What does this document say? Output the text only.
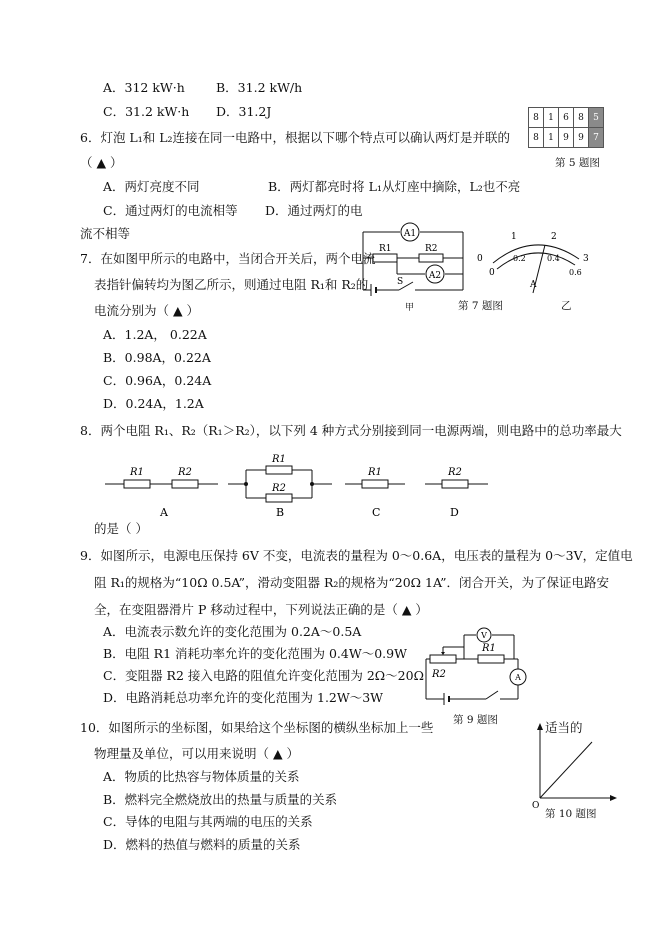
A．312 kW·h B．31.2 kW/h
C．31.2 kW·h D．31.2J	8	1	6	8	5
8	1	9	9	7
第 5 题图
6．灯泡 L₁和 L₂连接在同一电路中，根据以下哪个特点可以确认两灯是并联的
（ ▲ ）
A．两灯亮度不同	B．两灯都亮时将 L₁从灯座中摘除，L₂也不亮
C．通过两灯的电流相等 D．通过两灯的电
流不相等
7．在如图甲所示的电路中，当闭合开关后，两个电流
表指针偏转均为图乙所示，则通过电阻 R₁和 R₂的
电流分别为（ ▲ ）
A．1.2A， 0.22A
B．0.98A，0.22A
C．0.96A，0.24A
D．0.24A，1.2A
A1
A2
R1	R2
S
甲	第 7 题图	乙
0
1	2
3
0
0.2	0.4
0.6
A
8．两个电阻 R₁、R₂（R₁＞R₂），以下列 4 种方式分别接到同一电源两端，则电路中的总功率最大
R1	R2
R1
R2
R1	R2
A	B	C	D
的是（ ）
9．如图所示，电源电压保持 6V 不变，电流表的量程为 0～0.6A，电压表的量程为 0～3V，定值电
阻 R₁的规格为“10Ω 0.5A”，滑动变阻器 R₂的规格为“20Ω 1A”．闭合开关，为了保证电路安
全，在变阻器滑片 P 移动过程中，下列说法正确的是（ ▲ ）
A．电流表示数允许的变化范围为 0.2A～0.5A
B．电阻 R1 消耗功率允许的变化范围为 0.4W～0.9W
C．变阻器 R2 接入电路的阻值允许变化范围为 2Ω～20Ω
D．电路消耗总功率允许的变化范围为 1.2W～3W
V
A
R2
R1
第 9 题图
10．如图所示的坐标图，如果给这个坐标图的横纵坐标加上一些	适当的
物理量及单位，可以用来说明（ ▲ ）
A．物质的比热容与物体质量的关系
B．燃料完全燃烧放出的热量与质量的关系
C．导体的电阻与其两端的电压的关系
D．燃料的热值与燃料的质量的关系
O
第 10 题图
